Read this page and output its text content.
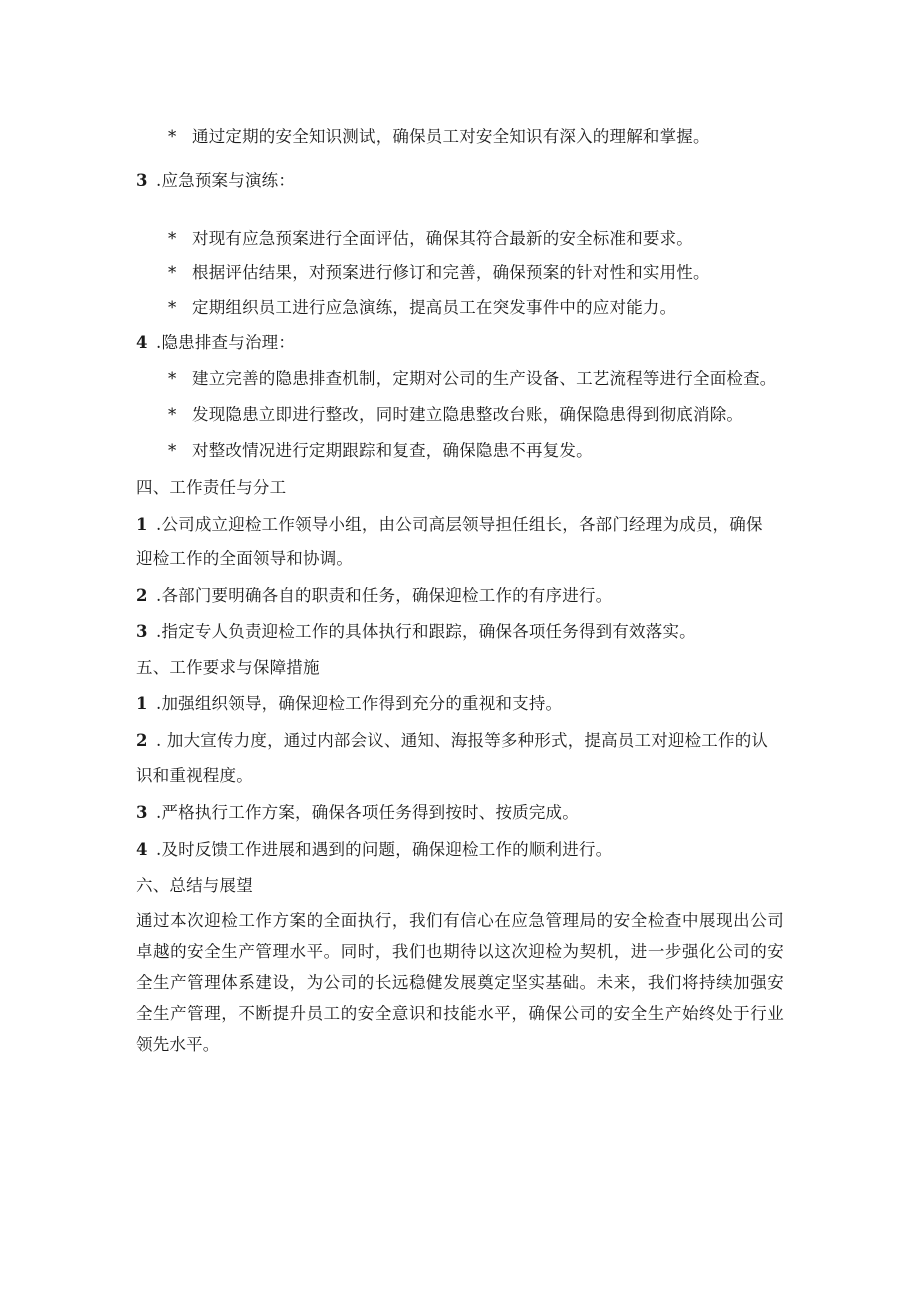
* 通过定期的安全知识测试，确保员工对安全知识有深入的理解和掌握。
3 .应急预案与演练：
* 对现有应急预案进行全面评估，确保其符合最新的安全标准和要求。
* 根据评估结果，对预案进行修订和完善，确保预案的针对性和实用性。
* 定期组织员工进行应急演练，提高员工在突发事件中的应对能力。
4 .隐患排查与治理：
* 建立完善的隐患排查机制，定期对公司的生产设备、工艺流程等进行全面检查。
* 发现隐患立即进行整改，同时建立隐患整改台账，确保隐患得到彻底消除。
* 对整改情况进行定期跟踪和复查，确保隐患不再复发。
四、工作责任与分工
1 .公司成立迎检工作领导小组，由公司高层领导担任组长，各部门经理为成员，确保
迎检工作的全面领导和协调。
2 .各部门要明确各自的职责和任务，确保迎检工作的有序进行。
3 .指定专人负责迎检工作的具体执行和跟踪，确保各项任务得到有效落实。
五、工作要求与保障措施
1 .加强组织领导，确保迎检工作得到充分的重视和支持。
2 . 加大宣传力度，通过内部会议、通知、海报等多种形式，提高员工对迎检工作的认
识和重视程度。
3 .严格执行工作方案，确保各项任务得到按时、按质完成。
4 .及时反馈工作进展和遇到的问题，确保迎检工作的顺利进行。
六、总结与展望
通过本次迎检工作方案的全面执行，我们有信心在应急管理局的安全检查中展现出公司卓越的安全生产管理水平。同时，我们也期待以这次迎检为契机，进一步强化公司的安全生产管理体系建设，为公司的长远稳健发展奠定坚实基础。未来，我们将持续加强安全生产管理，不断提升员工的安全意识和技能水平，确保公司的安全生产始终处于行业领先水平。
